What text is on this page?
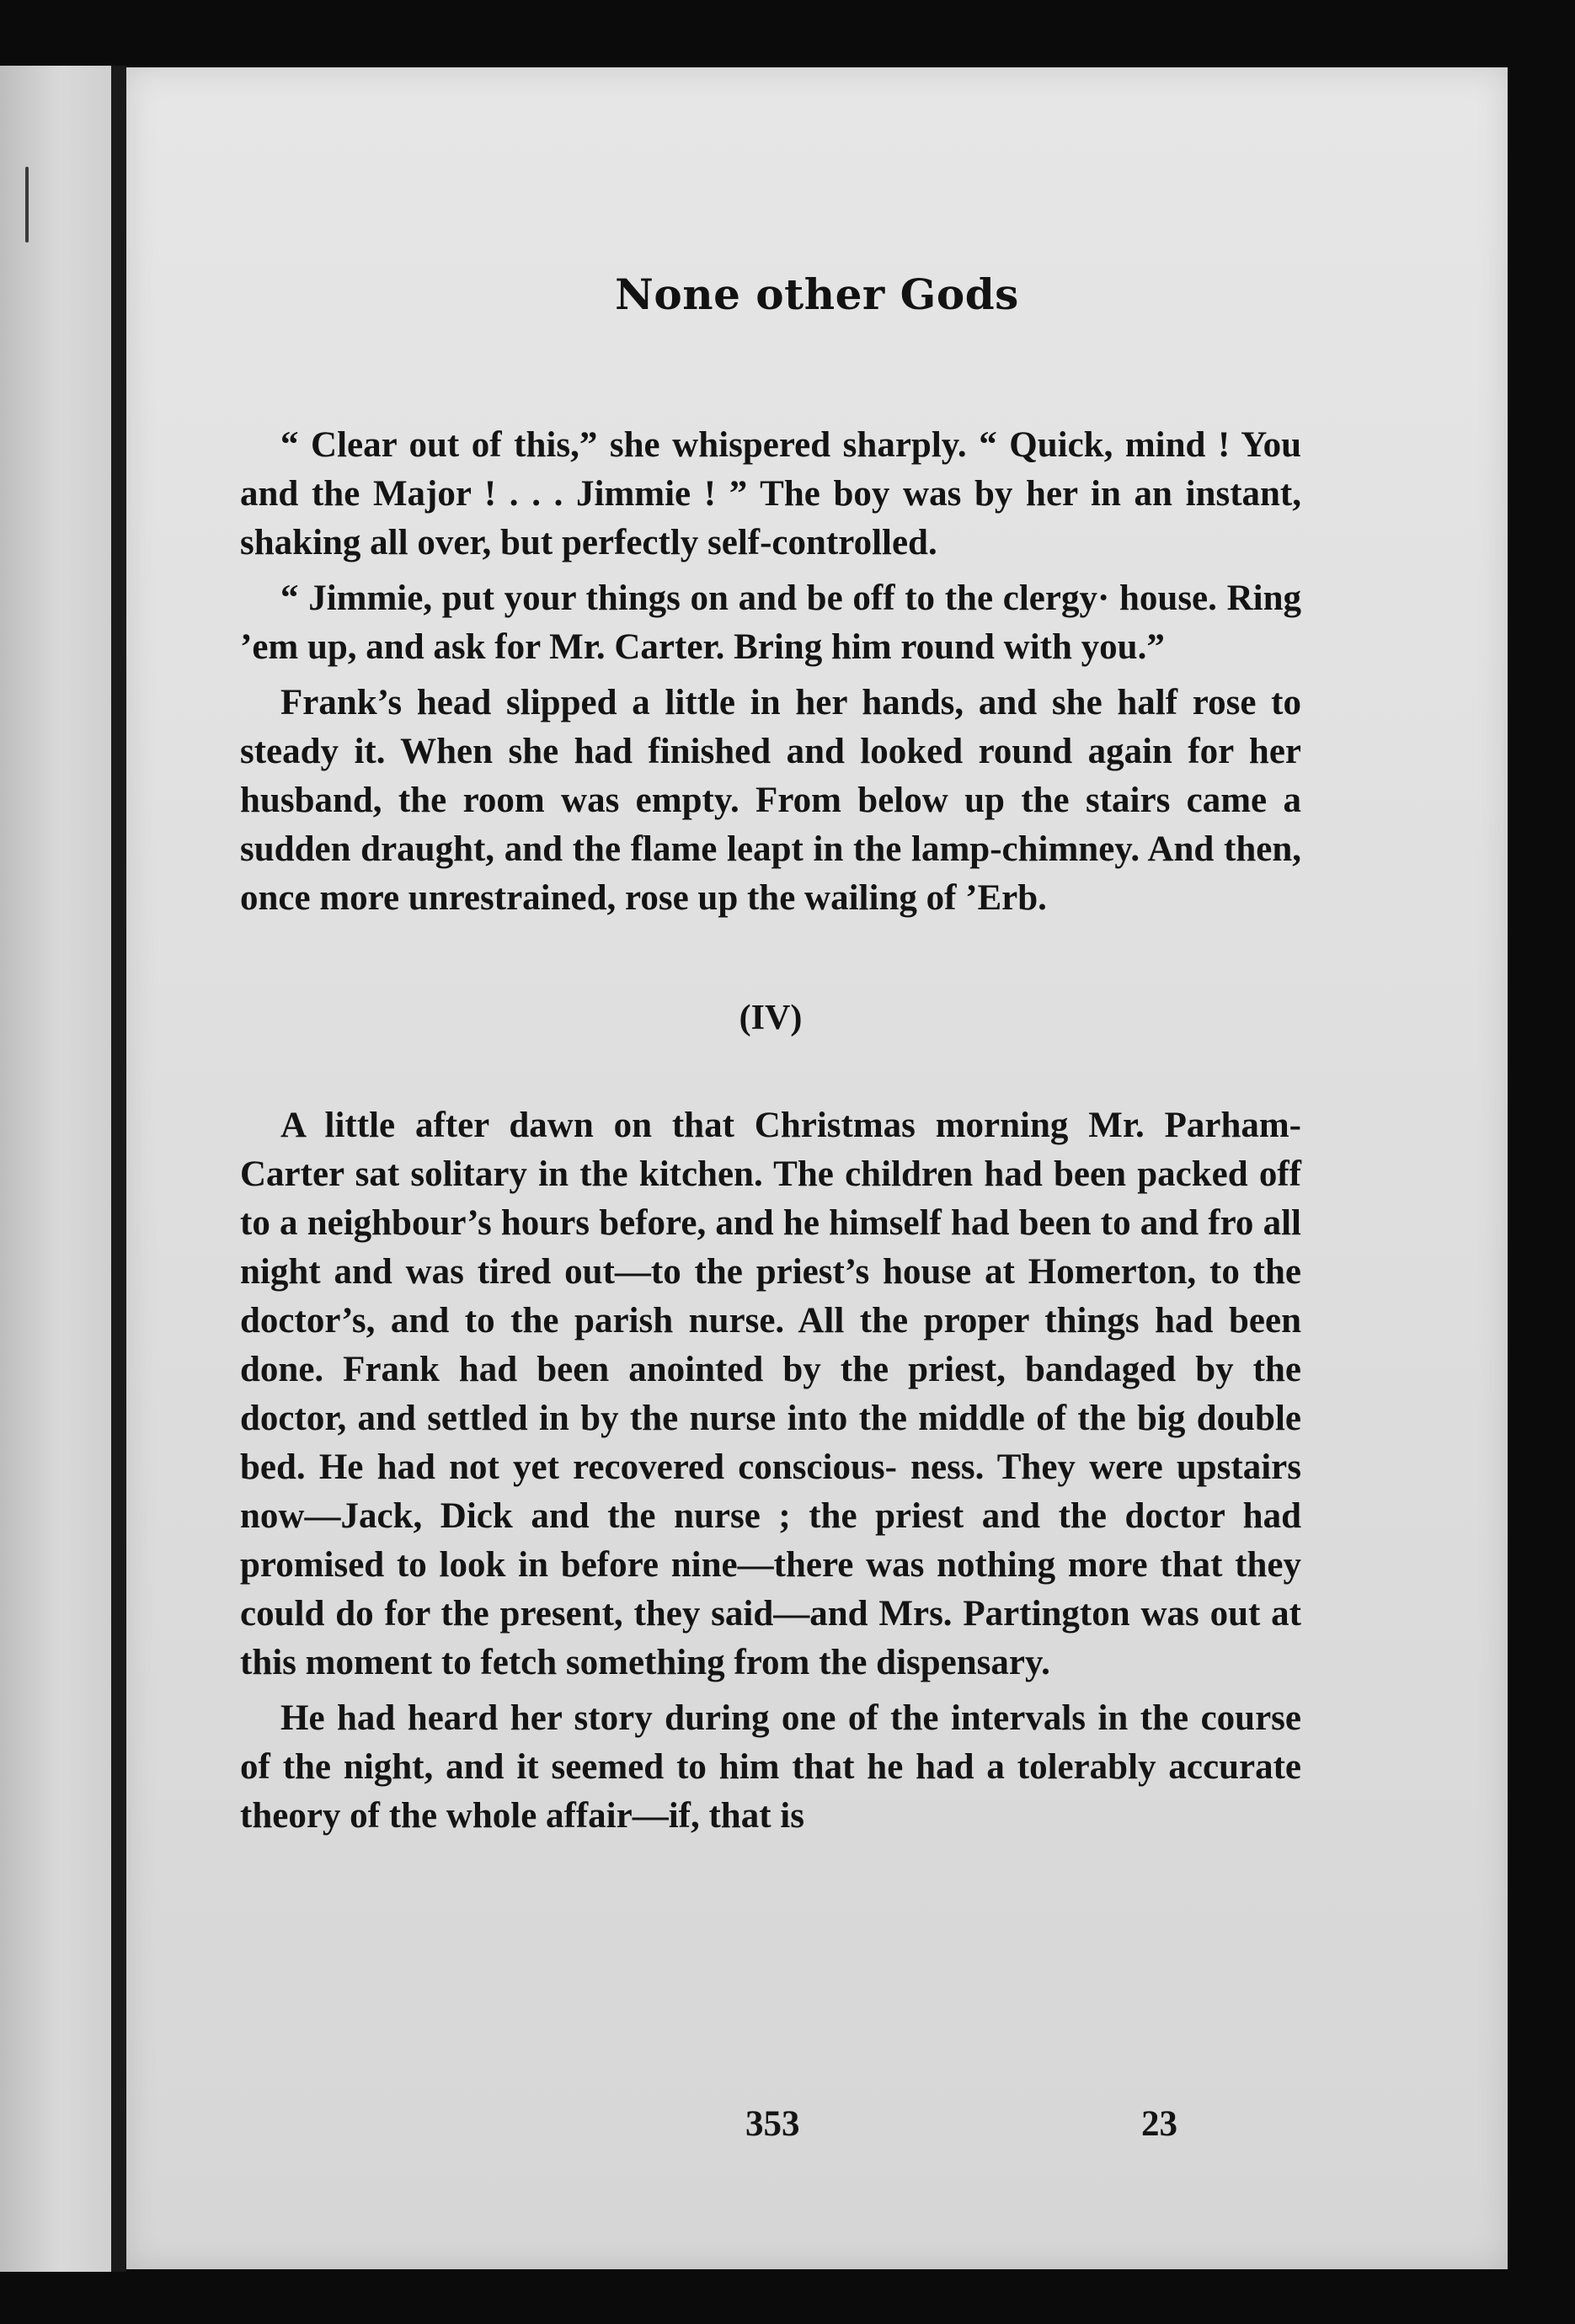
None other Gods

“ Clear out of this,” she whispered sharply. “ Quick, mind ! You and the Major ! . . . Jimmie ! ” The boy was by her in an instant, shaking all over, but perfectly self-controlled.

“ Jimmie, put your things on and be off to the clergy· house. Ring ’em up, and ask for Mr. Carter. Bring him round with you.”

Frank’s head slipped a little in her hands, and she half rose to steady it. When she had finished and looked round again for her husband, the room was empty. From below up the stairs came a sudden draught, and the flame leapt in the lamp-chimney. And then, once more unrestrained, rose up the wailing of ’Erb.

(IV)

A little after dawn on that Christmas morning Mr. Parham-Carter sat solitary in the kitchen. The children had been packed off to a neighbour’s hours before, and he himself had been to and fro all night and was tired out—to the priest’s house at Homerton, to the doctor’s, and to the parish nurse. All the proper things had been done. Frank had been anointed by the priest, bandaged by the doctor, and settled in by the nurse into the middle of the big double bed. He had not yet recovered conscious- ness. They were upstairs now—Jack, Dick and the nurse ; the priest and the doctor had promised to look in before nine—there was nothing more that they could do for the present, they said—and Mrs. Partington was out at this moment to fetch something from the dispensary.

He had heard her story during one of the intervals in the course of the night, and it seemed to him that he had a tolerably accurate theory of the whole affair—if, that is

353	23
